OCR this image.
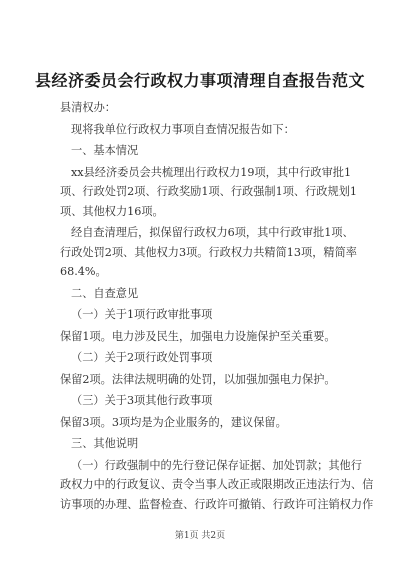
县经济委员会行政权力事项清理自查报告范文
县清权办：
现将我单位行政权力事项自查情况报告如下：
一、基本情况
xx县经济委员会共梳理出行政权力19项，其中行政审批1
项、行政处罚2项、行政奖励1项、行政强制1项、行政规划1
项、其他权力16项。
经自查清理后，拟保留行政权力6项，其中行政审批1项、
行政处罚2项、其他权力3项。行政权力共精简13项，精简率
68.4%。
二、自查意见
（一）关于1项行政审批事项
保留1项。电力涉及民生，加强电力设施保护至关重要。
（二）关于2项行政处罚事项
保留2项。法律法规明确的处罚，以加强加强电力保护。
（三）关于3项其他行政事项
保留3项。3项均是为企业服务的，建议保留。
三、其他说明
（一）行政强制中的先行登记保存证据、加处罚款；其他行
政权力中的行政复议、责令当事人改正或限期改正违法行为、信
访事项的办理、监督检查、行政许可撤销、行政许可注销权力作
第1页 共2页
